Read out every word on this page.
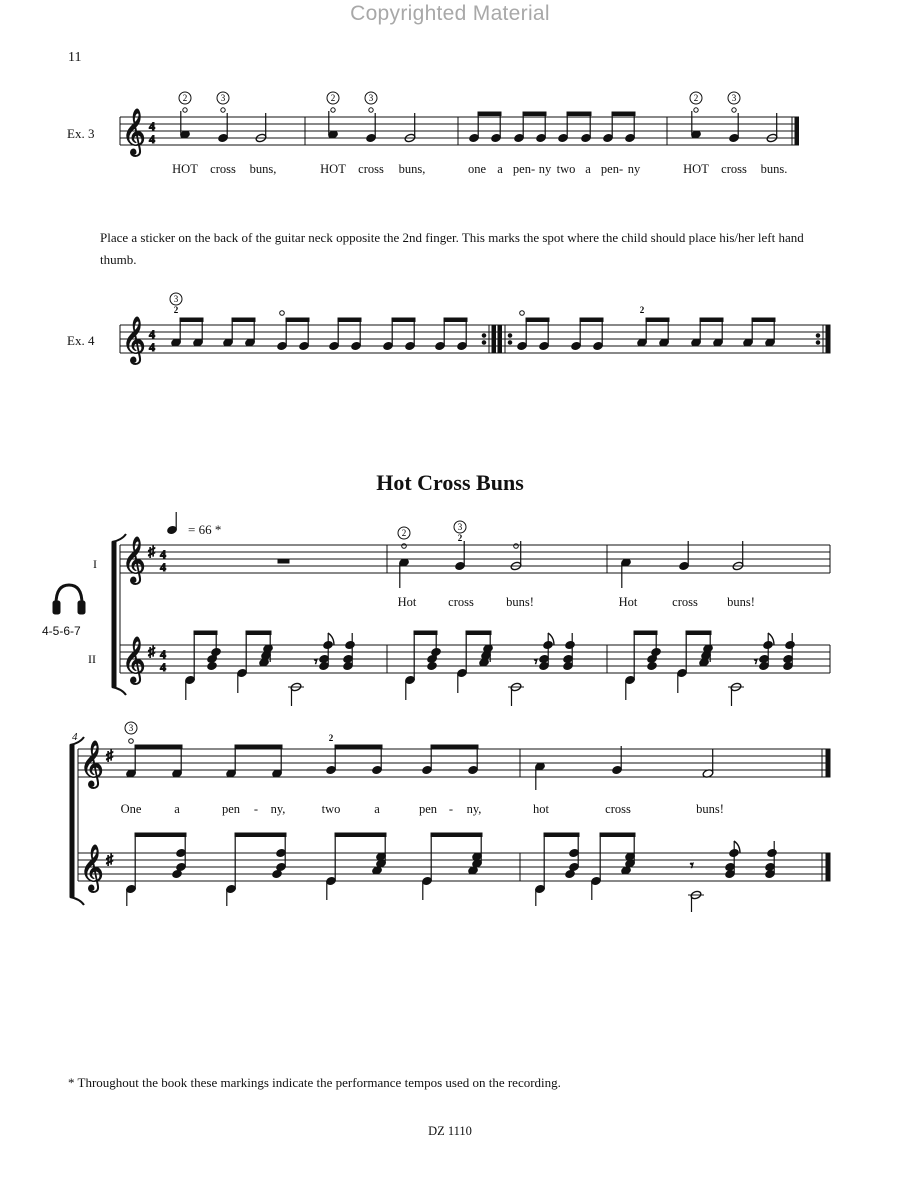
Copyrighted Material
11
Ex. 3 𝄞 4
4
2	3	2	3	2	3
HOT cross buns,	HOT cross buns,	one a pen- ny two a pen- ny	HOT cross buns.
Place a sticker on the back of the guitar neck opposite the 2nd finger. This marks the spot where the child should place his/her left hand thumb.
Ex. 4 𝄞 4
4
3
2	2
0	0
Hot Cross Buns
I
II
4-5-6-7
𝄞
𝄞
♯
♯
4
4
4
4
2
3
2
𝄾	𝄾	𝄾
= 66 *
Hot	cross	buns!	Hot	cross buns!
4
𝄞
𝄞
♯
♯
3
2
𝄾
One	a	pen - ny,	two	a	pen - ny,	hot	cross	buns!
* Throughout the book these markings indicate the performance tempos used on the recording.
DZ 1110
